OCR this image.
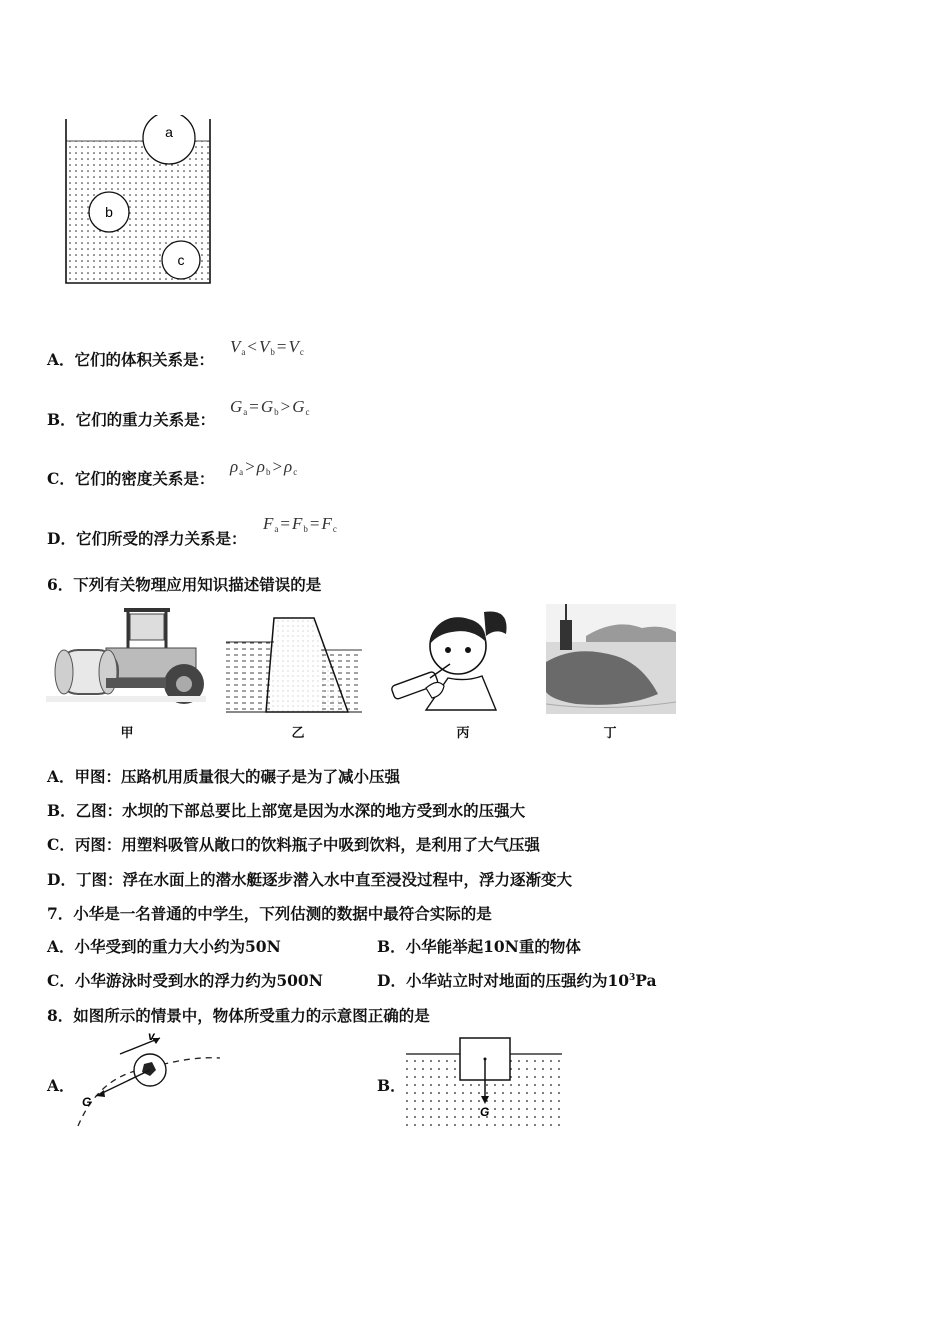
a
b
c
A．它们的体积关系是：
$V_a < V_b = V_c$
B．它们的重力关系是：
$G_a = G_b > G_c$
C．它们的密度关系是：
$\rho_a > \rho_b > \rho_c$
D．它们所受的浮力关系是：
$F_a = F_b = F_c$
6．下列有关物理应用知识描述错误的是
甲	乙	丙	丁
A．甲图：压路机用质量很大的碾子是为了减小压强
B．乙图：水坝的下部总要比上部宽是因为水深的地方受到水的压强大
C．丙图：用塑料吸管从敞口的饮料瓶子中吸到饮料，是利用了大气压强
D．丁图：浮在水面上的潜水艇逐步潜入水中直至浸没过程中，浮力逐渐变大
7．小华是一名普通的中学生，下列估测的数据中最符合实际的是
A．小华受到的重力大小约为50N	B．小华能举起10N重的物体
C．小华游泳时受到水的浮力约为500N	D．小华站立时对地面的压强约为$10^3Pa$
8．如图所示的情景中，物体所受重力的示意图正确的是
A．
v
G
B．
G
